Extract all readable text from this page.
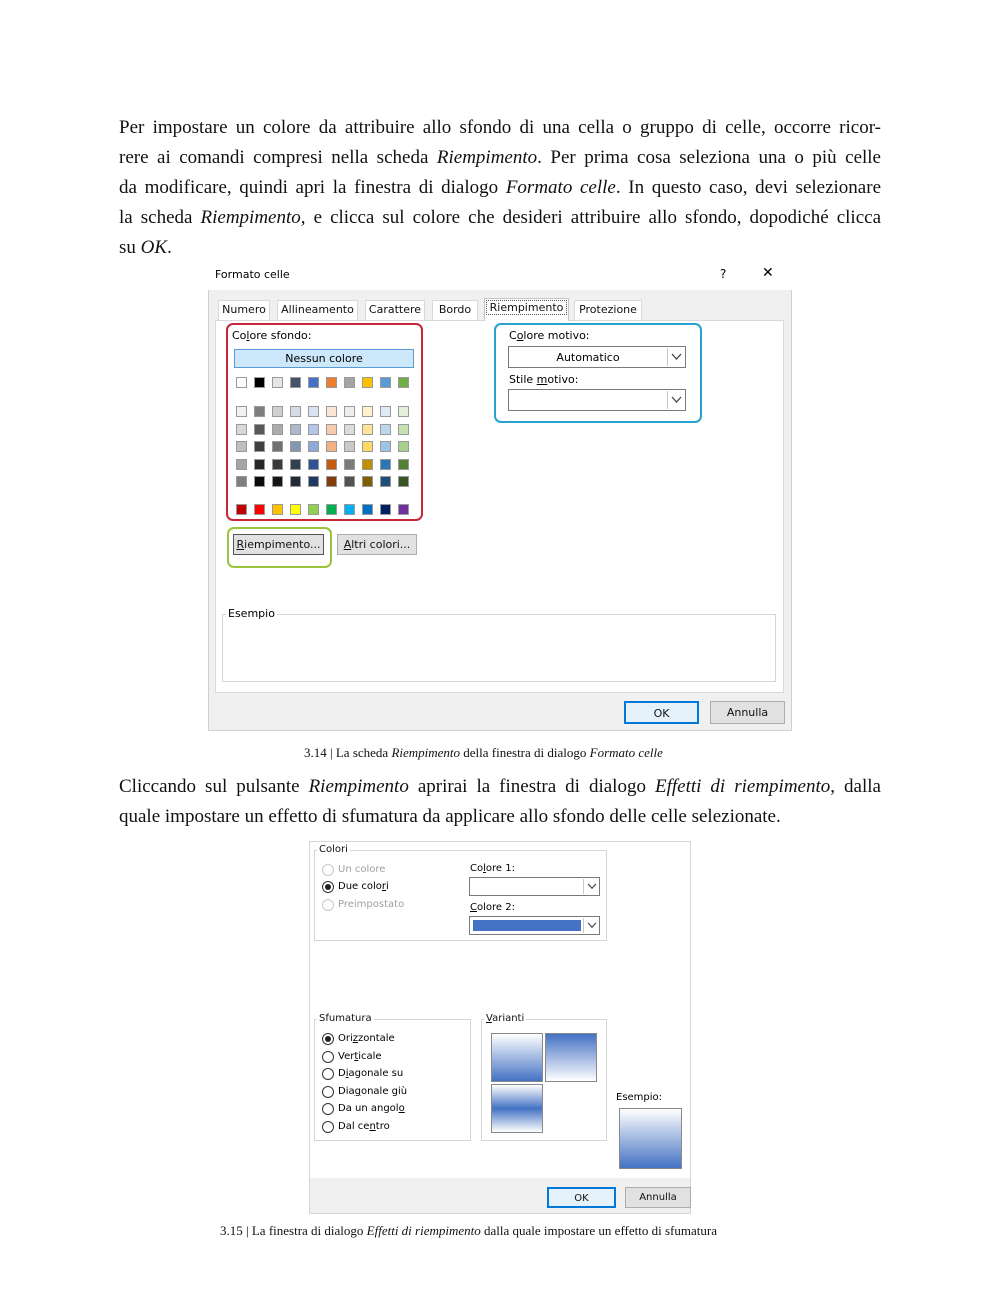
Per impostare un colore da attribuire allo sfondo di una cella o gruppo di celle, occorre ricor-
rere ai comandi compresi nella scheda Riempimento. Per prima cosa seleziona una o più celle
da modificare, quindi apri la finestra di dialogo Formato celle. In questo caso, devi selezionare
la scheda Riempimento, e clicca sul colore che desideri attribuire allo sfondo, dopodiché clicca
su OK.
Formato celle	?	✕
Numero	Allineamento	Carattere	Bordo	Riempimento	Protezione
Colore sfondo:
Nessun colore
Colore motivo:
Automatico
Stile motivo:
Riempimento...	Altri colori...
Esempio
OK	Annulla
3.14 | La scheda Riempimento della finestra di dialogo Formato celle
Cliccando sul pulsante Riempimento aprirai la finestra di dialogo Effetti di riempimento, dalla
quale impostare un effetto di sfumatura da applicare allo sfondo delle celle selezionate.
Colori
Un colore
Due colori
Preimpostato
Colore 1:
Colore 2:
Sfumatura
Orizzontale
Verticale
Diagonale su
Diagonale giù
Da un angolo
Dal centro
Varianti
Esempio:
OK	Annulla
3.15 | La finestra di dialogo Effetti di riempimento dalla quale impostare un effetto di sfumatura
